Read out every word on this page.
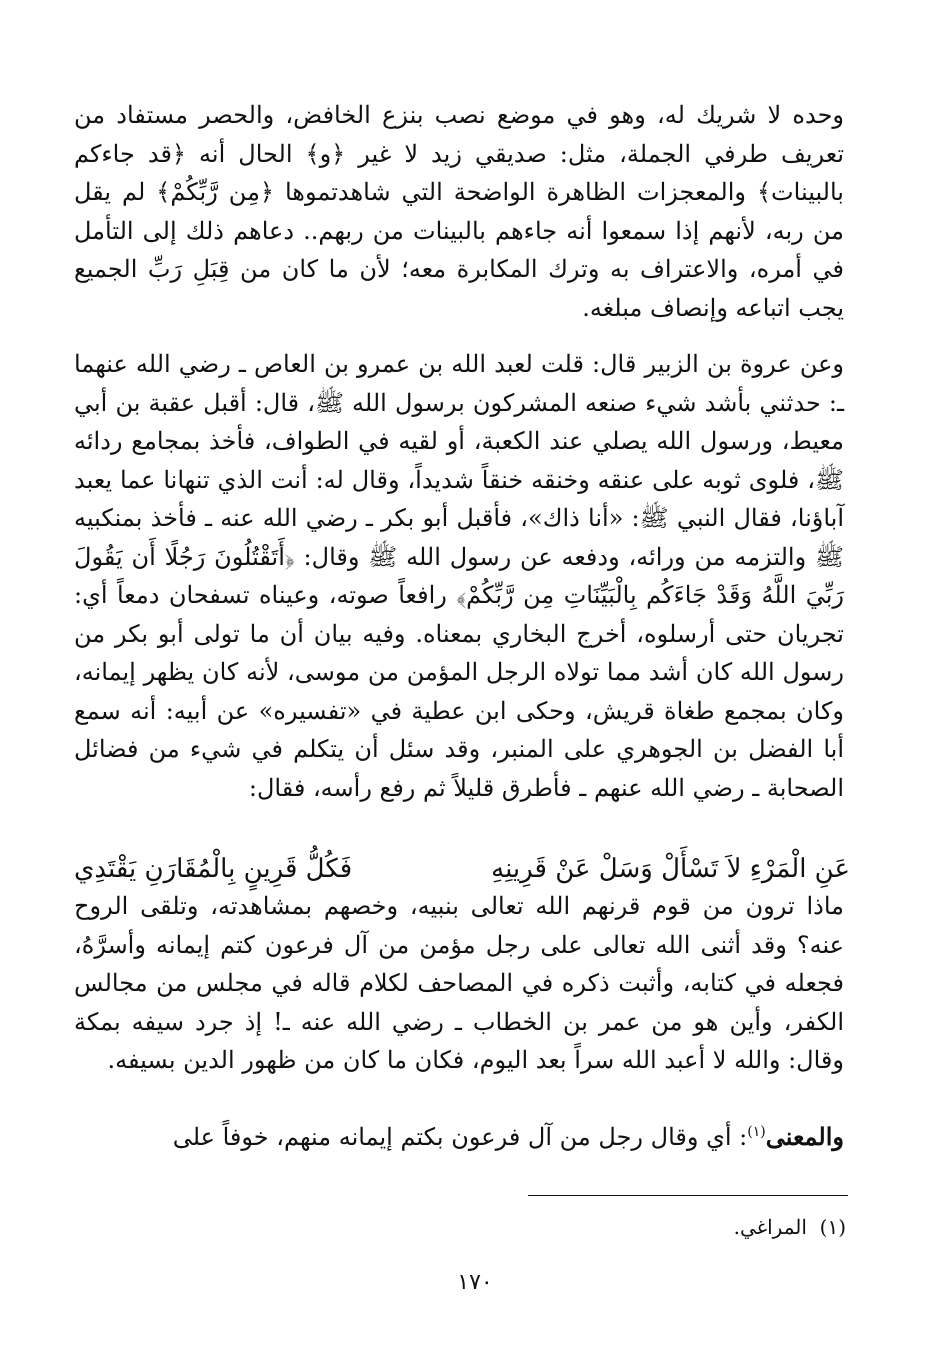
وحده لا شريك له، وهو في موضع نصب بنزع الخافض، والحصر مستفاد من تعريف طرفي الجملة، مثل: صديقي زيد لا غير ﴿و﴾ الحال أنه ﴿قد جاءكم بالبينات﴾ والمعجزات الظاهرة الواضحة التي شاهدتموها ﴿مِن رَّبِّكُمْ﴾ لم يقل من ربه، لأنهم إذا سمعوا أنه جاءهم بالبينات من ربهم.. دعاهم ذلك إلى التأمل في أمره، والاعتراف به وترك المكابرة معه؛ لأن ما كان من قِبَلِ رَبِّ الجميع يجب اتباعه وإنصاف مبلغه.

وعن عروة بن الزبير قال: قلت لعبد الله بن عمرو بن العاص ـ رضي الله عنهما ـ: حدثني بأشد شيء صنعه المشركون برسول الله ﷺ، قال: أقبل عقبة بن أبي معيط، ورسول الله يصلي عند الكعبة، أو لقيه في الطواف، فأخذ بمجامع ردائه ﷺ، فلوى ثوبه على عنقه وخنقه خنقاً شديداً، وقال له: أنت الذي تنهانا عما يعبد آباؤنا، فقال النبي ﷺ: «أنا ذاك»، فأقبل أبو بكر ـ رضي الله عنه ـ فأخذ بمنكبيه ﷺ والتزمه من ورائه، ودفعه عن رسول الله ﷺ وقال: ﴿أَتَقْتُلُونَ رَجُلًا أَن يَقُولَ رَبِّيَ اللَّهُ وَقَدْ جَاءَكُم بِالْبَيِّنَاتِ مِن رَّبِّكُمْ﴾ رافعاً صوته، وعيناه تسفحان دمعاً أي: تجريان حتى أرسلوه، أخرج البخاري بمعناه. وفيه بيان أن ما تولى أبو بكر من رسول الله كان أشد مما تولاه الرجل المؤمن من موسى، لأنه كان يظهر إيمانه، وكان بمجمع طغاة قريش، وحكى ابن عطية في «تفسيره» عن أبيه: أنه سمع أبا الفضل بن الجوهري على المنبر، وقد سئل أن يتكلم في شيء من فضائل الصحابة ـ رضي الله عنهم ـ فأطرق قليلاً ثم رفع رأسه، فقال:

عَنِ الْمَرْءِ لاَ تَسْأَلْ وَسَلْ عَنْ قَرِينِهِ
فَكُلُّ قَرِينٍ بِالْمُقَارَنِ يَقْتَدِي

ماذا ترون من قوم قرنهم الله تعالى بنبيه، وخصهم بمشاهدته، وتلقى الروح عنه؟ وقد أثنى الله تعالى على رجل مؤمن من آل فرعون كتم إيمانه وأسرَّهُ، فجعله في كتابه، وأثبت ذكره في المصاحف لكلام قاله في مجلس من مجالس الكفر، وأين هو من عمر بن الخطاب ـ رضي الله عنه ـ! إذ جرد سيفه بمكة وقال: والله لا أعبد الله سراً بعد اليوم، فكان ما كان من ظهور الدين بسيفه.

والمعنى$^{(١)}$: أي وقال رجل من آل فرعون بكتم إيمانه منهم، خوفاً على

(١)  المراغي.

١٧٠
